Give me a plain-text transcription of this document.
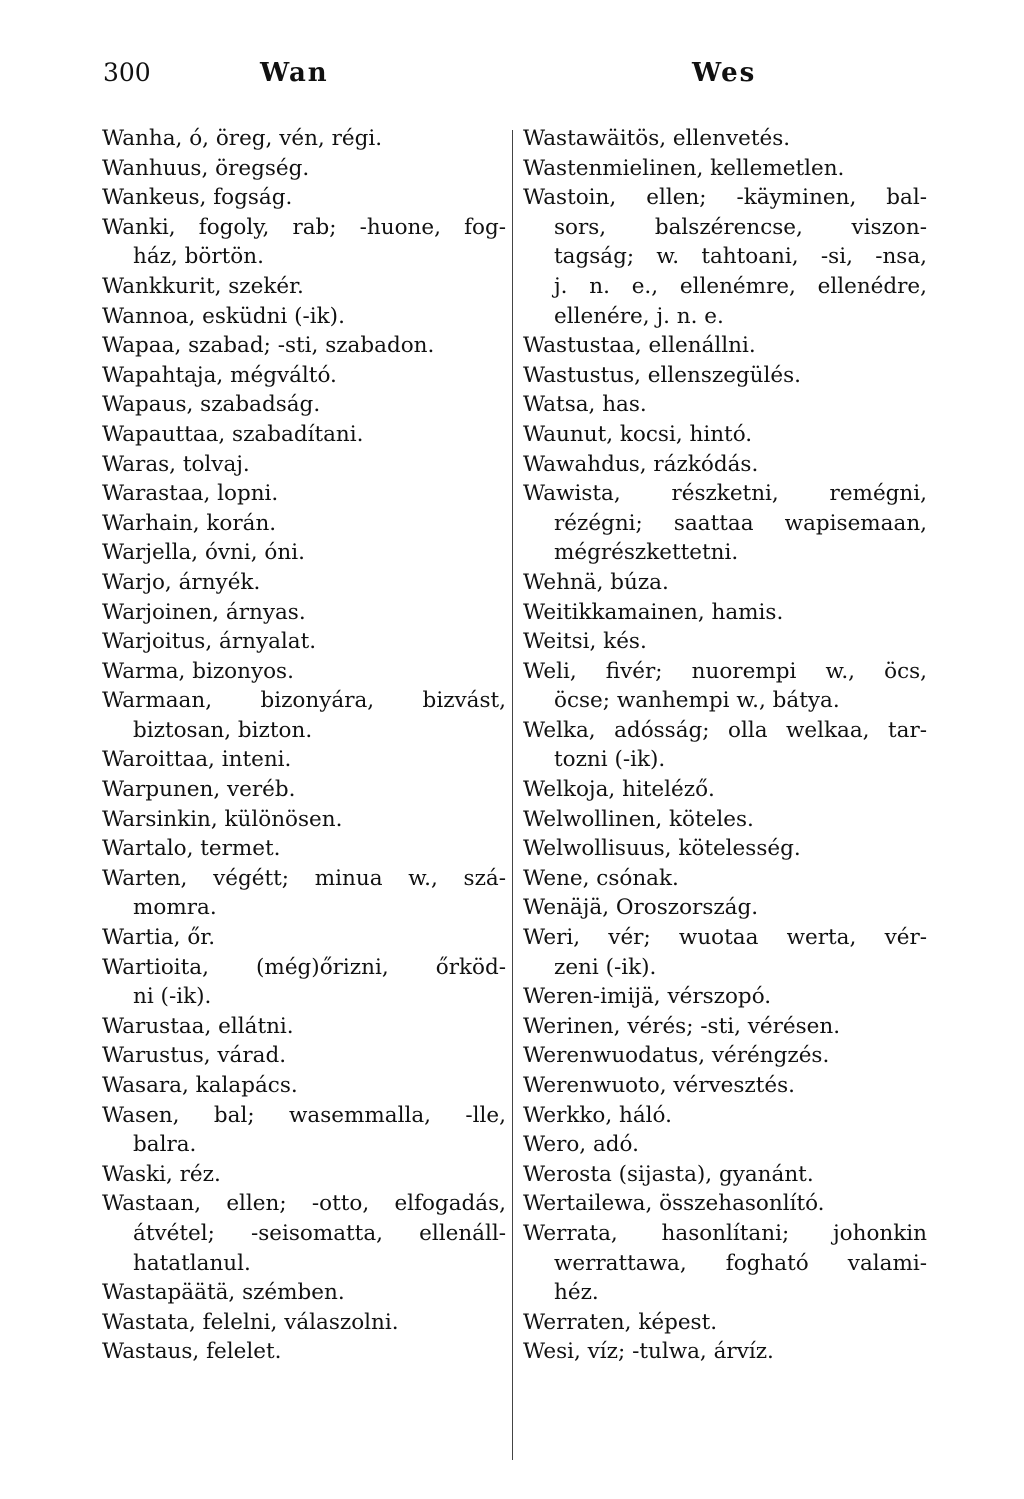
300	Wan	Wes
Wanha, ó, öreg, vén, régi.
Wanhuus, öregség.
Wankeus, fogság.
Wanki, fogoly, rab; -huone, fog-
ház, börtön.
Wankkurit, szekér.
Wannoa, esküdni (-ik).
Wapaa, szabad; -sti, szabadon.
Wapahtaja, mégváltó.
Wapaus, szabadság.
Wapauttaa, szabadítani.
Waras, tolvaj.
Warastaa, lopni.
Warhain, korán.
Warjella, óvni, óni.
Warjo, árnyék.
Warjoinen, árnyas.
Warjoitus, árnyalat.
Warma, bizonyos.
Warmaan, bizonyára, bizvást,
biztosan, bizton.
Waroittaa, inteni.
Warpunen, veréb.
Warsinkin, különösen.
Wartalo, termet.
Warten, végétt; minua w., szá-
momra.
Wartia, őr.
Wartioita, (még)őrizni, őrköd-
ni (-ik).
Warustaa, ellátni.
Warustus, várad.
Wasara, kalapács.
Wasen, bal; wasemmalla, -lle,
balra.
Waski, réz.
Wastaan, ellen; -otto, elfogadás,
átvétel; -seisomatta, ellenáll-
hatatlanul.
Wastapäätä, szémben.
Wastata, felelni, válaszolni.
Wastaus, felelet.
Wastawäitös, ellenvetés.
Wastenmielinen, kellemetlen.
Wastoin, ellen; -käyminen, bal-
sors, balszérencse, viszon-
tagság; w. tahtoani, -si, -nsa,
j. n. e., ellenémre, ellenédre,
ellenére, j. n. e.
Wastustaa, ellenállni.
Wastustus, ellenszegülés.
Watsa, has.
Waunut, kocsi, hintó.
Wawahdus, rázkódás.
Wawista, részketni, remégni,
rézégni; saattaa wapisemaan,
mégrészkettetni.
Wehnä, búza.
Weitikkamainen, hamis.
Weitsi, kés.
Weli, fivér; nuorempi w., öcs,
öcse; wanhempi w., bátya.
Welka, adósság; olla welkaa, tar-
tozni (-ik).
Welkoja, hiteléző.
Welwollinen, köteles.
Welwollisuus, kötelesség.
Wene, csónak.
Wenäjä, Oroszország.
Weri, vér; wuotaa werta, vér-
zeni (-ik).
Weren-imijä, vérszopó.
Werinen, vérés; -sti, vérésen.
Werenwuodatus, véréngzés.
Werenwuoto, vérvesztés.
Werkko, háló.
Wero, adó.
Werosta (sijasta), gyanánt.
Wertailewa, összehasonlító.
Werrata, hasonlítani; johonkin
werrattawa, fogható valami-
héz.
Werraten, képest.
Wesi, víz; -tulwa, árvíz.
